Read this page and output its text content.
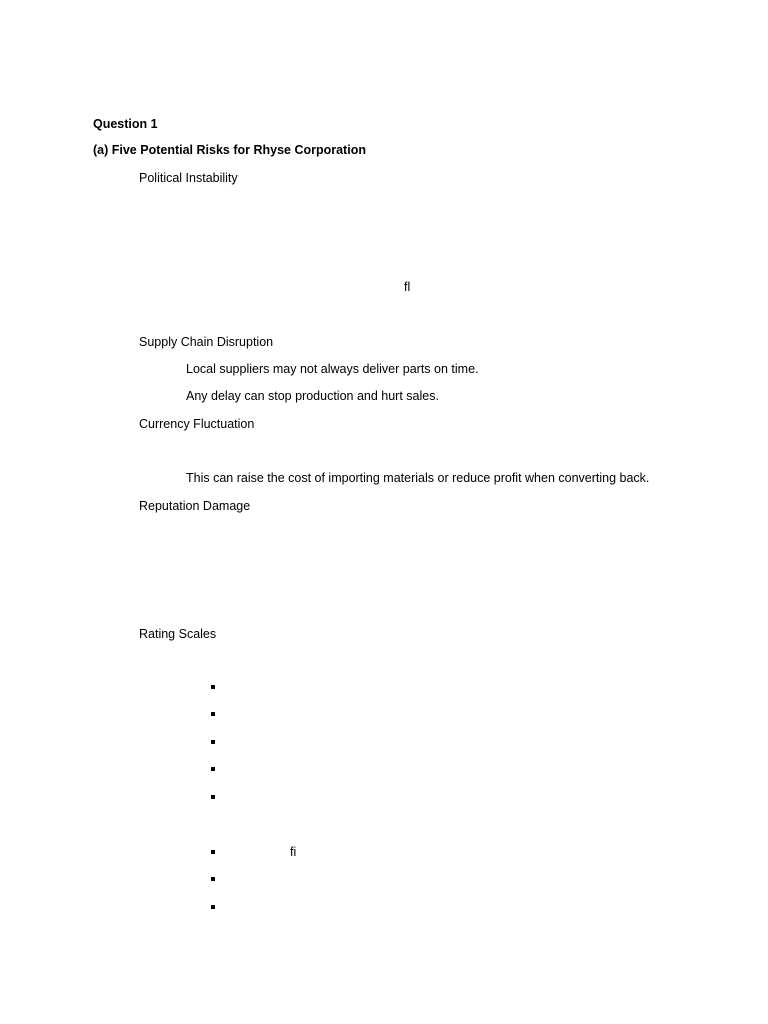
Question 1
(a) Five Potential Risks for Rhyse Corporation
Political Instability
ﬂ
Supply Chain Disruption
Local suppliers may not always deliver parts on time.
Any delay can stop production and hurt sales.
Currency Fluctuation
This can raise the cost of importing materials or reduce profit when converting back.
Reputation Damage
Rating Scales
ﬁ
